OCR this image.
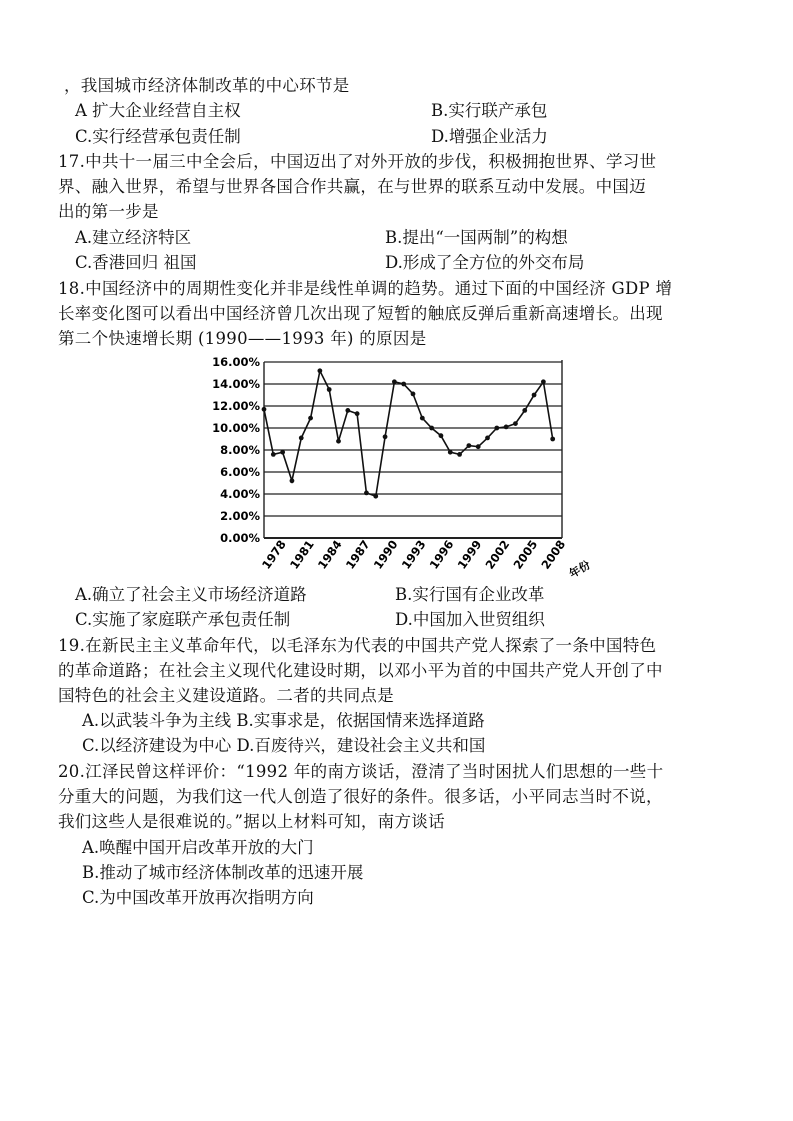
，我国城市经济体制改革的中心环节是
A 扩大企业经营自主权	B.实行联产承包
C.实行经营承包责任制	D.增强企业活力
17.中共十一届三中全会后，中国迈出了对外开放的步伐，积极拥抱世界、学习世
界、融入世界，希望与世界各国合作共赢，在与世界的联系互动中发展。中国迈
出的第一步是
A.建立经济特区	B.提出“一国两制”的构想
C.香港回归 祖国	D.形成了全方位的外交布局
18.中国经济中的周期性变化并非是线性单调的趋势。通过下面的中国经济 GDP 增
长率变化图可以看出中国经济曾几次出现了短暂的触底反弹后重新高速增长。出现
第二个快速增长期 (1990——1993 年) 的原因是
16.00%
14.00%
12.00%
10.00%
8.00%
6.00%
4.00%
2.00%
0.00%
1978
1981
1984
1987
1990
1993
1996
1999
2002
2005
2008
年份
A.确立了社会主义市场经济道路	B.实行国有企业改革
C.实施了家庭联产承包责任制	D.中国加入世贸组织
19.在新民主主义革命年代，以毛泽东为代表的中国共产党人探索了一条中国特色
的革命道路；在社会主义现代化建设时期，以邓小平为首的中国共产党人开创了中
国特色的社会主义建设道路。二者的共同点是
A.以武装斗争为主线 B.实事求是，依据国情来选择道路
C.以经济建设为中心 D.百废待兴，建设社会主义共和国
20.江泽民曾这样评价：“1992 年的南方谈话，澄清了当时困扰人们思想的一些十
分重大的问题，为我们这一代人创造了很好的条件。很多话，小平同志当时不说，
我们这些人是很难说的。”据以上材料可知，南方谈话
A.唤醒中国开启改革开放的大门
B.推动了城市经济体制改革的迅速开展
C.为中国改革开放再次指明方向
